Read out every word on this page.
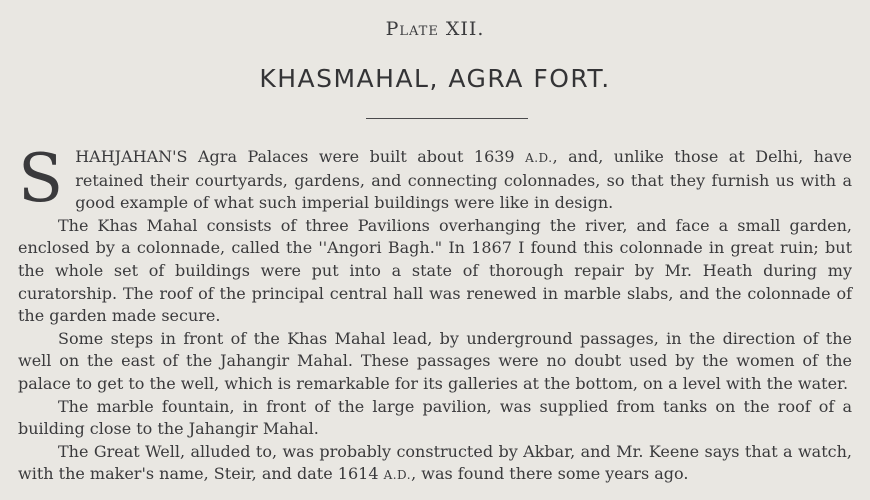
Plate XII.
KHASMAHAL, AGRA FORT.

SHAHJAHAN'S Agra Palaces were built about 1639 A.D., and, unlike those at Delhi, have retained their courtyards, gardens, and connecting colonnades, so that they furnish us with a good example of what such imperial buildings were like in design.

The Khas Mahal consists of three Pavilions overhanging the river, and face a small garden, enclosed by a colonnade, called the ''Angori Bagh." In 1867 I found this colonnade in great ruin; but the whole set of buildings were put into a state of thorough repair by Mr. Heath during my curatorship. The roof of the principal central hall was renewed in marble slabs, and the colonnade of the garden made secure.

Some steps in front of the Khas Mahal lead, by underground passages, in the direction of the well on the east of the Jahangir Mahal. These passages were no doubt used by the women of the palace to get to the well, which is remarkable for its galleries at the bottom, on a level with the water.

The marble fountain, in front of the large pavilion, was supplied from tanks on the roof of a building close to the Jahangir Mahal.

The Great Well, alluded to, was probably constructed by Akbar, and Mr. Keene says that a watch, with the maker's name, Steir, and date 1614 A.D., was found there some years ago.
